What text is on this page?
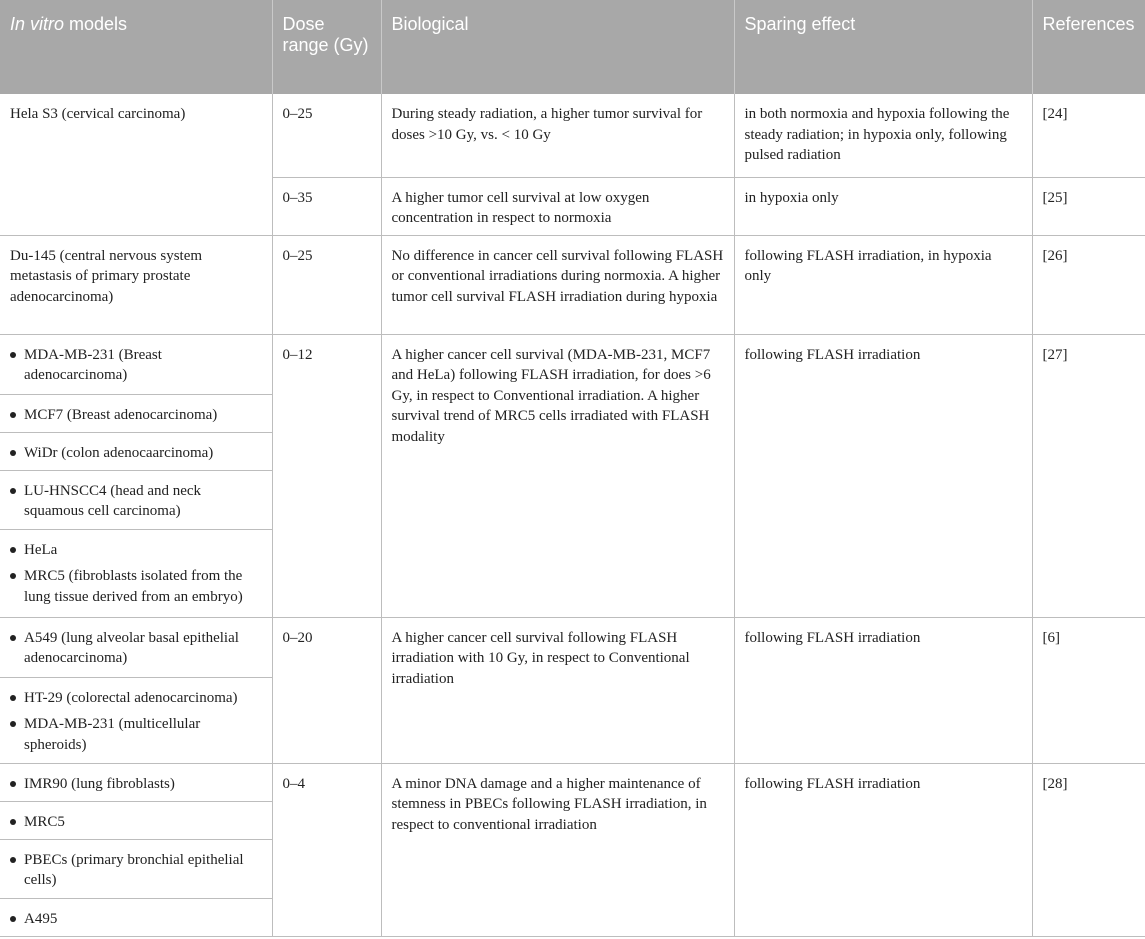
In vitro models	Dose range (Gy)	Biological	Sparing effect	References
Hela S3 (cervical carcinoma)	0–25	During steady radiation, a higher tumor survival for doses >10 Gy, vs. < 10 Gy	in both normoxia and hypoxia following the steady radiation; in hypoxia only, following pulsed radiation	[24]
	0–35	A higher tumor cell survival at low oxygen concentration in respect to normoxia	in hypoxia only	[25]
Du-145 (central nervous system metastasis of primary prostate adenocarcinoma)	0–25	No difference in cancer cell survival following FLASH or conventional irradiations during normoxia. A higher tumor cell survival FLASH irradiation during hypoxia	following FLASH irradiation, in hypoxia only	[26]

MDA-MB-231 (Breast adenocarcinoma)	0–12	A higher cancer cell survival (MDA-MB-231, MCF7 and HeLa) following FLASH irradiation, for does >6 Gy, in respect to Conventional irradiation. A higher survival trend of MRC5 cells irradiated with FLASH modality	following FLASH irradiation	[27]

MCF7 (Breast adenocarcinoma)				

WiDr (colon adenocaarcinoma)				

LU-HNSCC4 (head and neck squamous cell carcinoma)				

HeLa
MRC5 (fibroblasts isolated from the lung tissue derived from an embryo)				

A549 (lung alveolar basal epithelial adenocarcinoma)	0–20	A higher cancer cell survival following FLASH irradiation with 10 Gy, in respect to Conventional irradiation	following FLASH irradiation	[6]

HT-29 (colorectal adenocarcinoma)
MDA-MB-231 (multicellular spheroids)				

IMR90 (lung fibroblasts)	0–4	A minor DNA damage and a higher maintenance of stemness in PBECs following FLASH irradiation, in respect to conventional irradiation	following FLASH irradiation	[28]

MRC5				

PBECs (primary bronchial epithelial cells)				

A495				
